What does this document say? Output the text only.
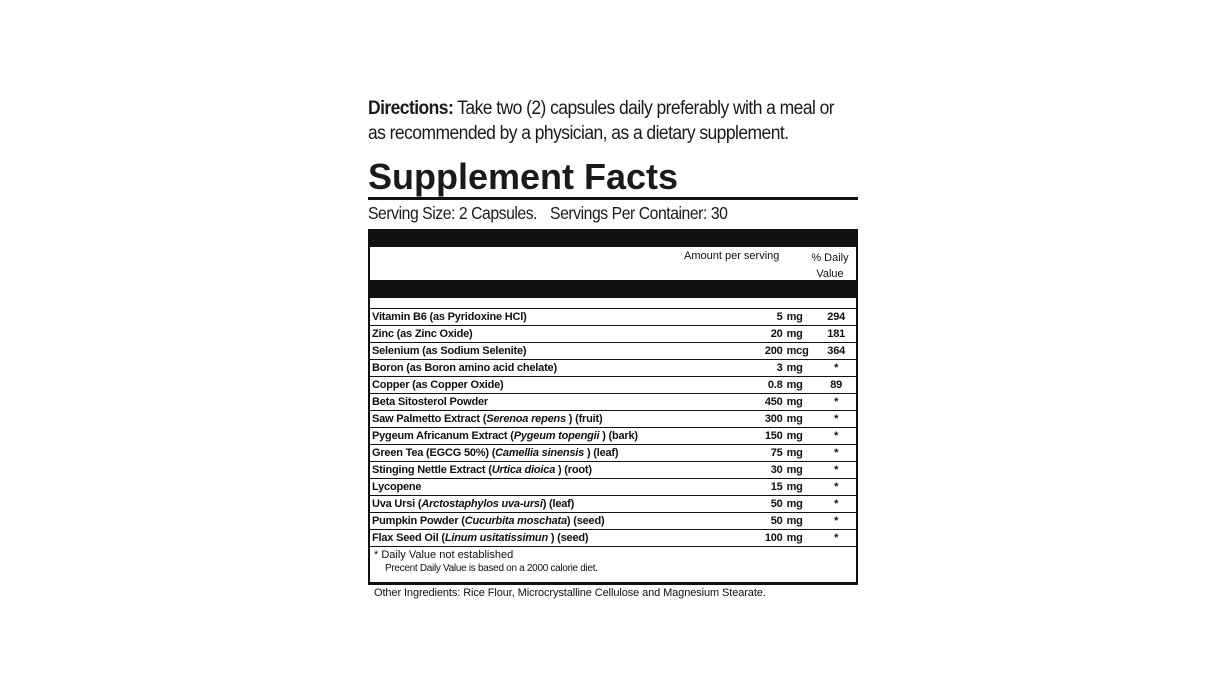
Directions: Take two (2) capsules daily preferably with a meal or as recommended by a physician, as a dietary supplement.
Supplement Facts
Serving Size: 2 Capsules. Servings Per Container: 30
Amount per serving	% Daily Value
Vitamin B6 (as Pyridoxine HCl)	5 mg	294
Zinc (as Zinc Oxide)	20 mg	181
Selenium (as Sodium Selenite)	200 mcg	364
Boron (as Boron amino acid chelate)	3 mg	*
Copper (as Copper Oxide)	0.8 mg	89
Beta Sitosterol Powder	450 mg	*
Saw Palmetto Extract (Serenoa repens ) (fruit)	300 mg	*
Pygeum Africanum Extract (Pygeum topengii ) (bark)	150 mg	*
Green Tea (EGCG 50%) (Camellia sinensis ) (leaf)	75 mg	*
Stinging Nettle Extract (Urtica dioica ) (root)	30 mg	*
Lycopene	15 mg	*
Uva Ursi (Arctostaphylos uva-ursi) (leaf)	50 mg	*
Pumpkin Powder (Cucurbita moschata) (seed)	50 mg	*
Flax Seed Oil (Linum usitatissimun ) (seed)	100 mg	*
* Daily Value not established
Precent Daily Value is based on a 2000 calorie diet.
Other Ingredients: Rice Flour, Microcrystalline Cellulose and Magnesium Stearate.
